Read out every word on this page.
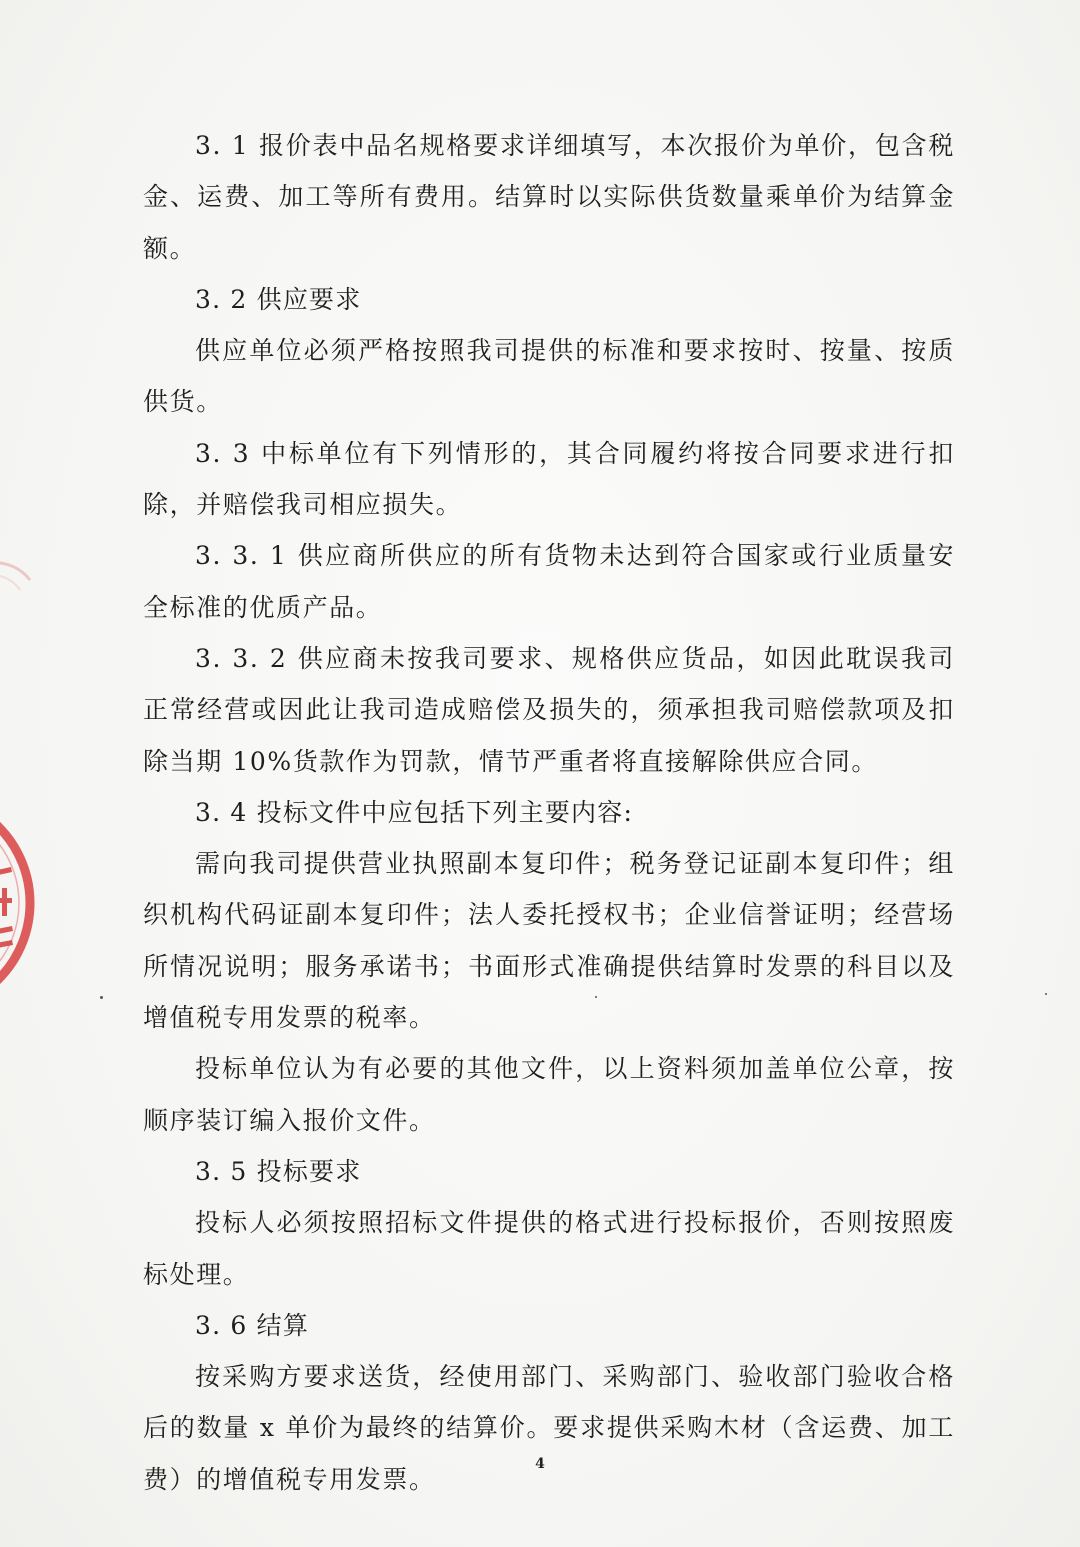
3. 1 报价表中品名规格要求详细填写，本次报价为单价，包含税金、运费、加工等所有费用。结算时以实际供货数量乘单价为结算金额。

3. 2 供应要求

供应单位必须严格按照我司提供的标准和要求按时、按量、按质供货。

3. 3 中标单位有下列情形的，其合同履约将按合同要求进行扣除，并赔偿我司相应损失。

3. 3. 1 供应商所供应的所有货物未达到符合国家或行业质量安全标准的优质产品。

3. 3. 2 供应商未按我司要求、规格供应货品，如因此耽误我司正常经营或因此让我司造成赔偿及损失的，须承担我司赔偿款项及扣除当期 10%货款作为罚款，情节严重者将直接解除供应合同。

3. 4 投标文件中应包括下列主要内容:

需向我司提供营业执照副本复印件；税务登记证副本复印件；组织机构代码证副本复印件；法人委托授权书；企业信誉证明；经营场所情况说明；服务承诺书；书面形式准确提供结算时发票的科目以及增值税专用发票的税率。

投标单位认为有必要的其他文件，以上资料须加盖单位公章，按顺序装订编入报价文件。

3. 5 投标要求

投标人必须按照招标文件提供的格式进行投标报价，否则按照废标处理。

3. 6 结算

按采购方要求送货，经使用部门、采购部门、验收部门验收合格后的数量 x 单价为最终的结算价。要求提供采购木材（含运费、加工费）的增值税专用发票。

4
